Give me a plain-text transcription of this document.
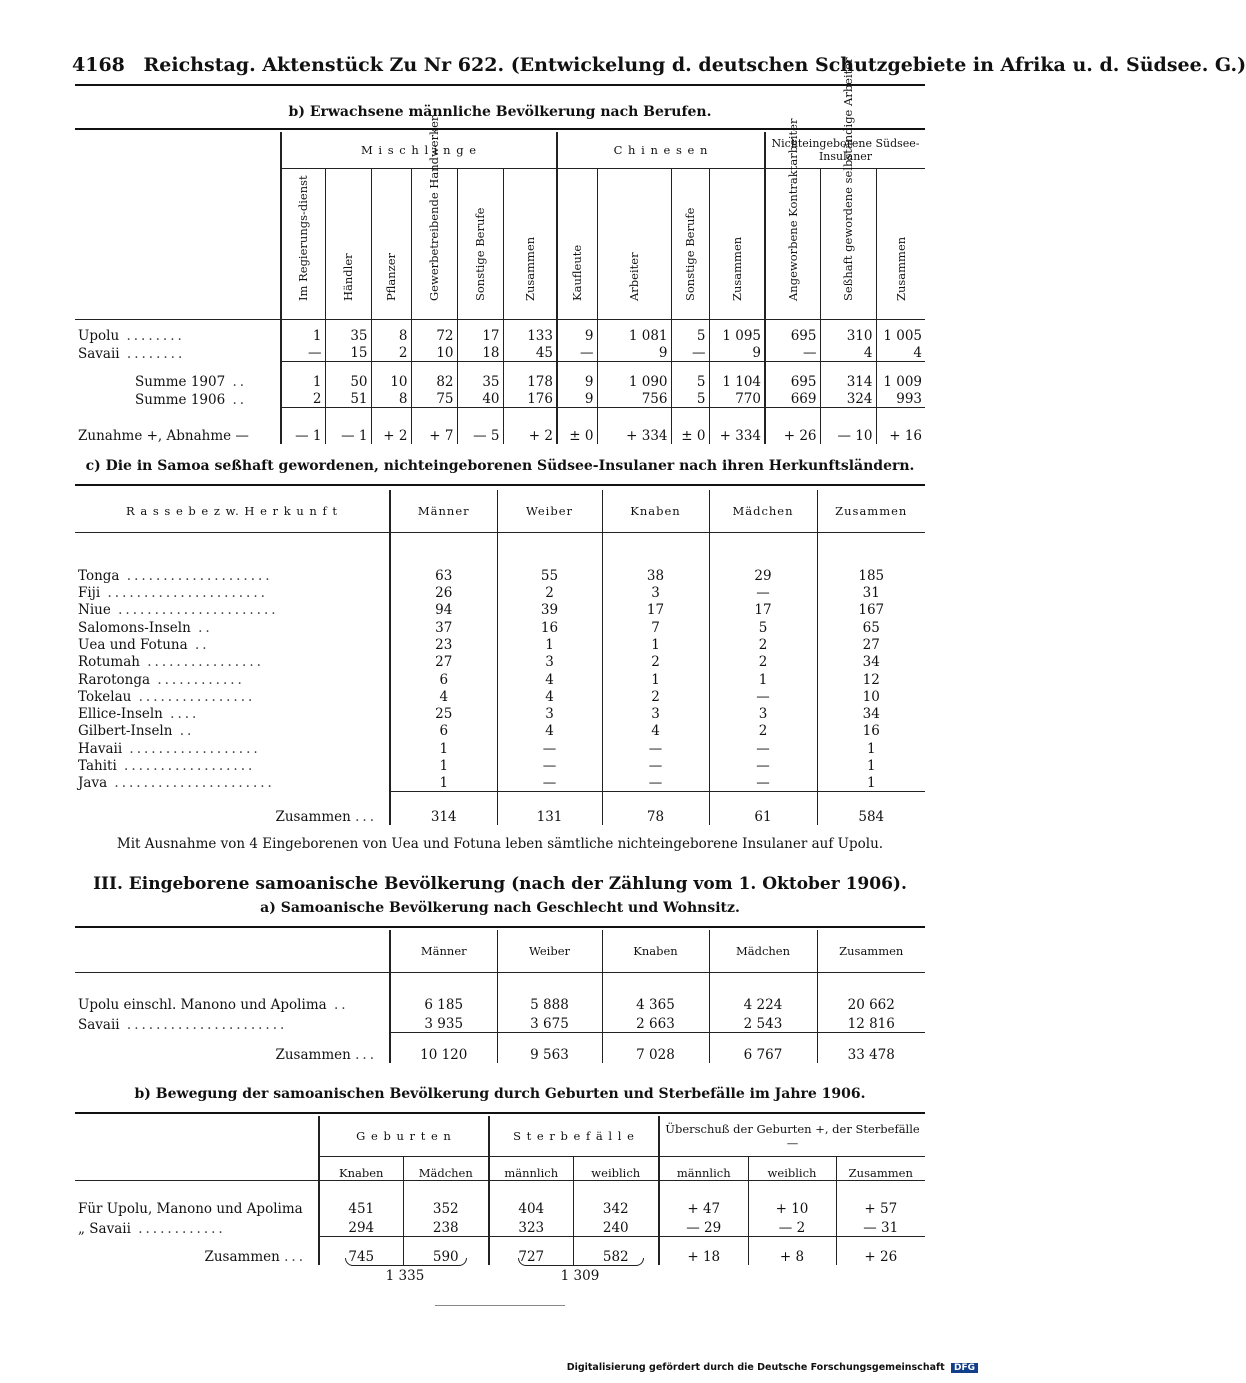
4168 Reichstag. Aktenstück Zu Nr 622. (Entwickelung d. deutschen Schutzgebiete in Afrika u. d. Südsee. G.)
b) Erwachsene männliche Bevölkerung nach Berufen.
	M i s c h l i n g e						C h i n e s e n				Nichteingeborene Südsee-Insulaner		

	Im Regierungs-dienst	Händler	Pflanzer	Gewerbetreibende Handwerker	Sonstige Berufe	Zusammen	Kaufleute	Arbeiter	Sonstige Berufe	Zusammen	Angeworbene Kontraktarbeiter	Seßhaft gewordene selbständige Arbeiter	Zusammen

Upolu ........	1	35	8	72	17	133	9	1 081	5	1 095	695	310	1 005
Savaii ........	—	15	2	10	18	45	—	9	—	9	—	4	4
Summe 1907 ..	1	50	10	82	35	178	9	1 090	5	1 104	695	314	1 009
Summe 1906 ..	2	51	8	75	40	176	9	756	5	770	669	324	993
Zunahme +, Abnahme —	— 1	— 1	+ 2	+ 7	— 5	+ 2	± 0	+ 334	± 0	+ 334	+ 26	— 10	+ 16
c) Die in Samoa seßhaft gewordenen, nichteingeborenen Südsee-Insulaner nach ihren Herkunftsländern.
R a s s e b e z w. H e r k u n f t	Männer	Weiber	Knaben	Mädchen	Zusammen

Tonga ....................	63	55	38	29	185
Fiji ......................	26	2	3	—	31
Niue ......................	94	39	17	17	167
Salomons-Inseln ..	37	16	7	5	65
Uea und Fotuna ..	23	1	1	2	27
Rotumah ................	27	3	2	2	34
Rarotonga ............	6	4	1	1	12
Tokelau ................	4	4	2	—	10
Ellice-Inseln ....	25	3	3	3	34
Gilbert-Inseln ..	6	4	4	2	16
Havaii ..................	1	—	—	—	1
Tahiti ..................	1	—	—	—	1
Java ......................	1	—	—	—	1
Zusammen ...	314	131	78	61	584
Mit Ausnahme von 4 Eingeborenen von Uea und Fotuna leben sämtliche nichteingeborene Insulaner auf Upolu.
III. Eingeborene samoanische Bevölkerung (nach der Zählung vom 1. Oktober 1906).
a) Samoanische Bevölkerung nach Geschlecht und Wohnsitz.
	Männer	Weiber	Knaben	Mädchen	Zusammen
Upolu einschl. Manono und Apolima ..	6 185	5 888	4 365	4 224	20 662
Savaii ......................	3 935	3 675	2 663	2 543	12 816
Zusammen ...	10 120	9 563	7 028	6 767	33 478
b) Bewegung der samoanischen Bevölkerung durch Geburten und Sterbefälle im Jahre 1906.
	G e b u r t e n		S t e r b e f ä l l e		Überschuß der Geburten +, der Sterbefälle —		
	Knaben	Mädchen	männlich	weiblich	männlich	weiblich	Zusammen
Für Upolu, Manono und Apolima	451	352	404	342	+ 47	+ 10	+ 57
„ Savaii ............	294	238	323	240	— 29	— 2	— 31
Zusammen ...	745	590	727	582	+ 18	+ 8	+ 26
1 335	1 309
Digitalisierung gefördert durch die Deutsche Forschungsgemeinschaft DFG
